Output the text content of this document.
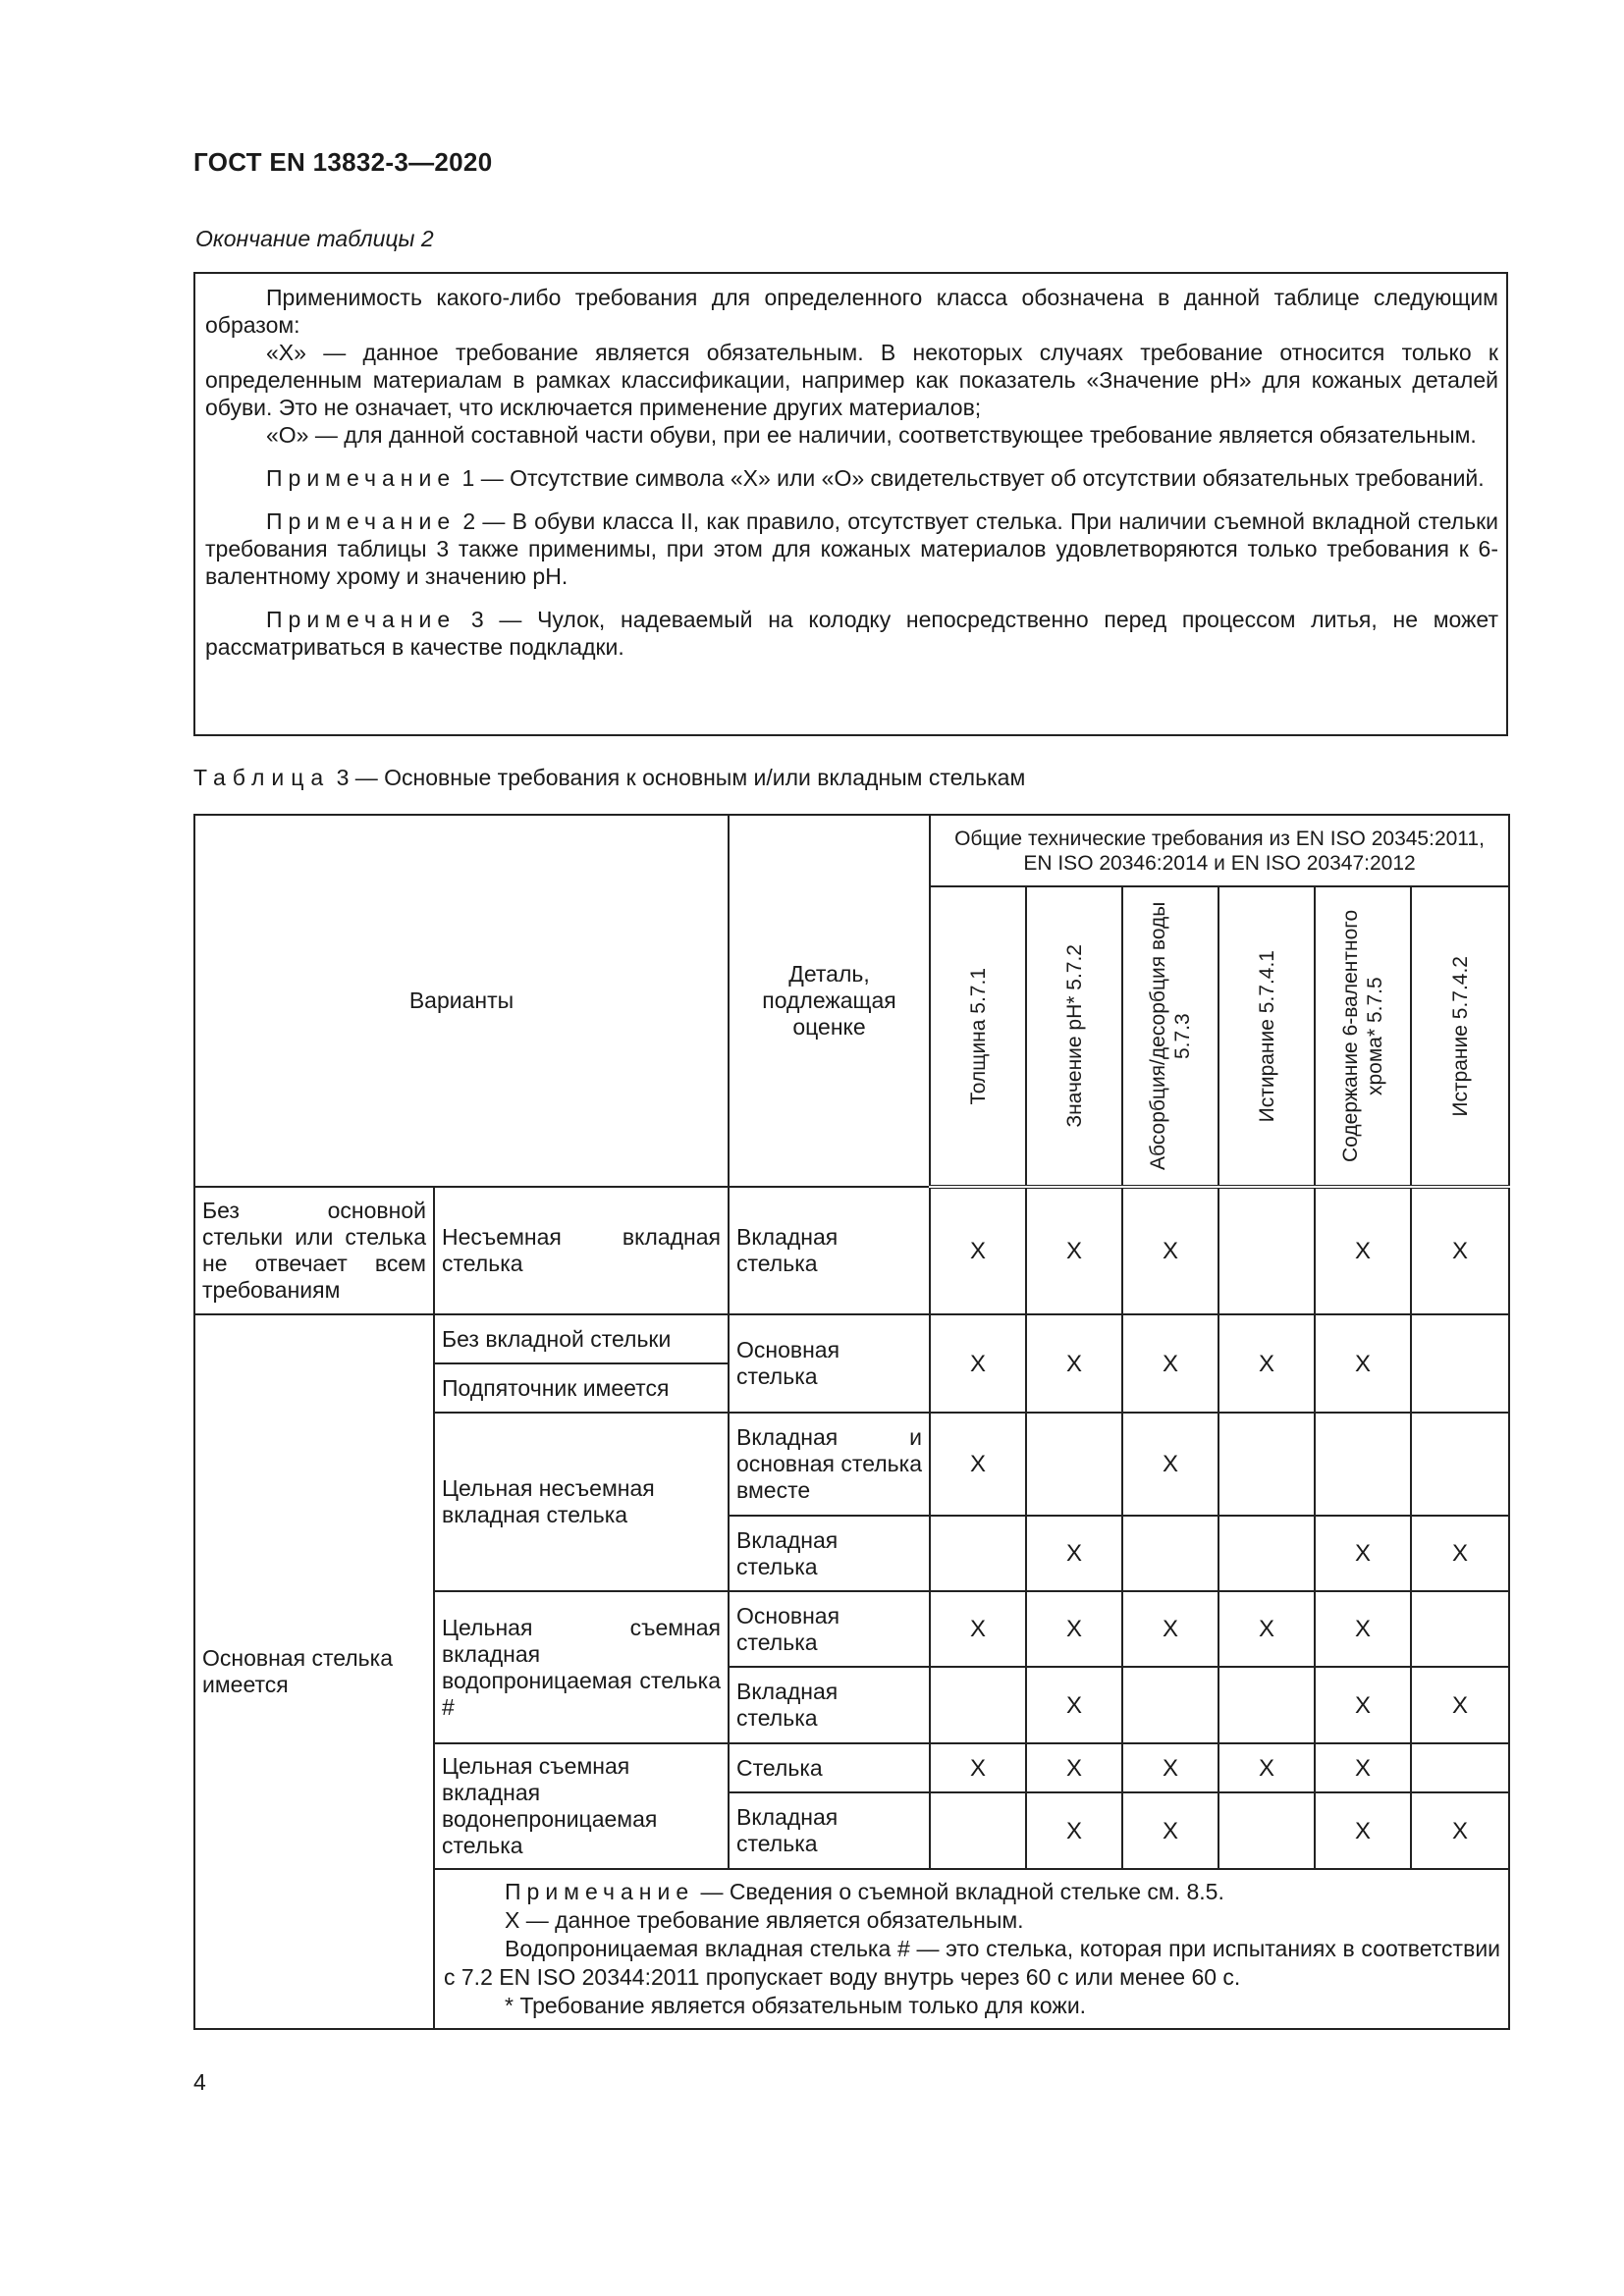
ГОСТ EN 13832-3—2020
Окончание таблицы 2

Применимость какого-либо требования для определенного класса обозначена в данной таблице следующим образом:

«X» — данное требование является обязательным. В некоторых случаях требование относится только к определенным материалам в рамках классификации, например как показатель «Значение pH» для кожаных деталей обуви. Это не означает, что исключается применение других материалов;

«О» — для данной составной части обуви, при ее наличии, соответствующее требование является обязательным.

Примечание 1 — Отсутствие символа «X» или «О» свидетельствует об отсутствии обязательных требований.

Примечание 2 — В обуви класса II, как правило, отсутствует стелька. При наличии съемной вкладной стельки требования таблицы 3 также применимы, при этом для кожаных материалов удовлетворяются только требования к 6-валентному хрому и значению pH.

Примечание 3 — Чулок, надеваемый на колодку непосредственно перед процессом литья, не может рассматриваться в качестве подкладки.

Таблица 3 — Основные требования к основным и/или вкладным стелькам
Варианты		Деталь, подлежащая оценке	Общие технические требования из EN ISO 20345:2011, EN ISO 20346:2014 и EN ISO 20347:2012					

			Толщина 5.7.1	Значение pH* 5.7.2	Абсорбция/десорбция воды 5.7.3	Истирание 5.7.4.1	Содержание 6-валентного хрома* 5.7.5	Истрание 5.7.4.2

Без основной стельки или стелька не отвечает всем требованиям	Несъемная вкладная стелька	Вкладная стелька	X	X	X		X	X
Основная стелька имеется	Без вкладной стельки	Основная стелька	X	X	X	X	X	
	Подпяточник имеется							
	Цельная несъемная вкладная стелька	Вкладная и основная стелька вместе	X		X			
		Вкладная стелька		X			X	X
	Цельная съемная вкладная водопроницаемая стелька #	Основная стелька	X	X	X	X	X	
		Вкладная стелька		X			X	X
	Цельная съемная вкладная водонепроницаемая стелька	Стелька	X	X	X	X	X	
		Вкладная стелька		X	X		X	X

	Примечание — Сведения о съемной вкладной стельке см. 8.5.

X — данное требование является обязательным.

Водопроницаемая вкладная стелька # — это стелька, которая при испытаниях в соответствии с 7.2 EN ISO 20344:2011 пропускает воду внутрь через 60 с или менее 60 с.

* Требование является обязательным только для кожи.							

4
